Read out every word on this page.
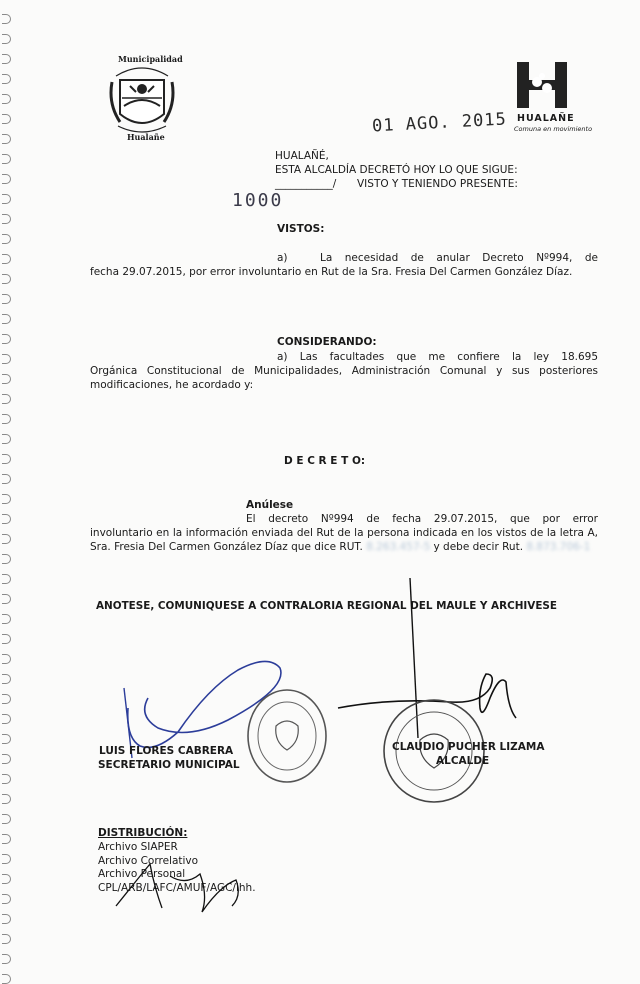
Municipalidad
Hualañe
HUALAÑE
Comuna en movimiento
01 AGO. 2015
HUALAÑÉ,
ESTA ALCALDÍA DECRETÓ HOY LO QUE SIGUE:
___________/ VISTO Y TENIENDO PRESENTE:
1000
VISTOS:
a)	La necesidad de anular Decreto Nº994, de
fecha 29.07.2015, por error involuntario en Rut de la Sra. Fresia Del Carmen González Díaz.
CONSIDERANDO:
a) Las facultades que me confiere la ley 18.695
Orgánica Constitucional de Municipalidades, Administración Comunal y sus posteriores modificaciones, he acordado y:
D E C R E T O:
Anúlese
El decreto Nº994 de fecha 29.07.2015, que por error
involuntario en la información enviada del Rut de la persona indicada en los vistos de la letra A, Sra. Fresia Del Carmen González Díaz que dice RUT. 8.263.457-5 y debe decir Rut. 8.873.706-1
ANOTESE, COMUNIQUESE A CONTRALORIA REGIONAL DEL MAULE Y ARCHIVESE
LUIS FLORES CABRERA
SECRETARIO MUNICIPAL
CLAUDIO PUCHER LIZAMA
ALCALDE
DISTRIBUCIÓN:
Archivo SIAPER
Archivo Correlativo
Archivo Personal
CPL/ARB/LAFC/AMUF/AGC/lhh.
